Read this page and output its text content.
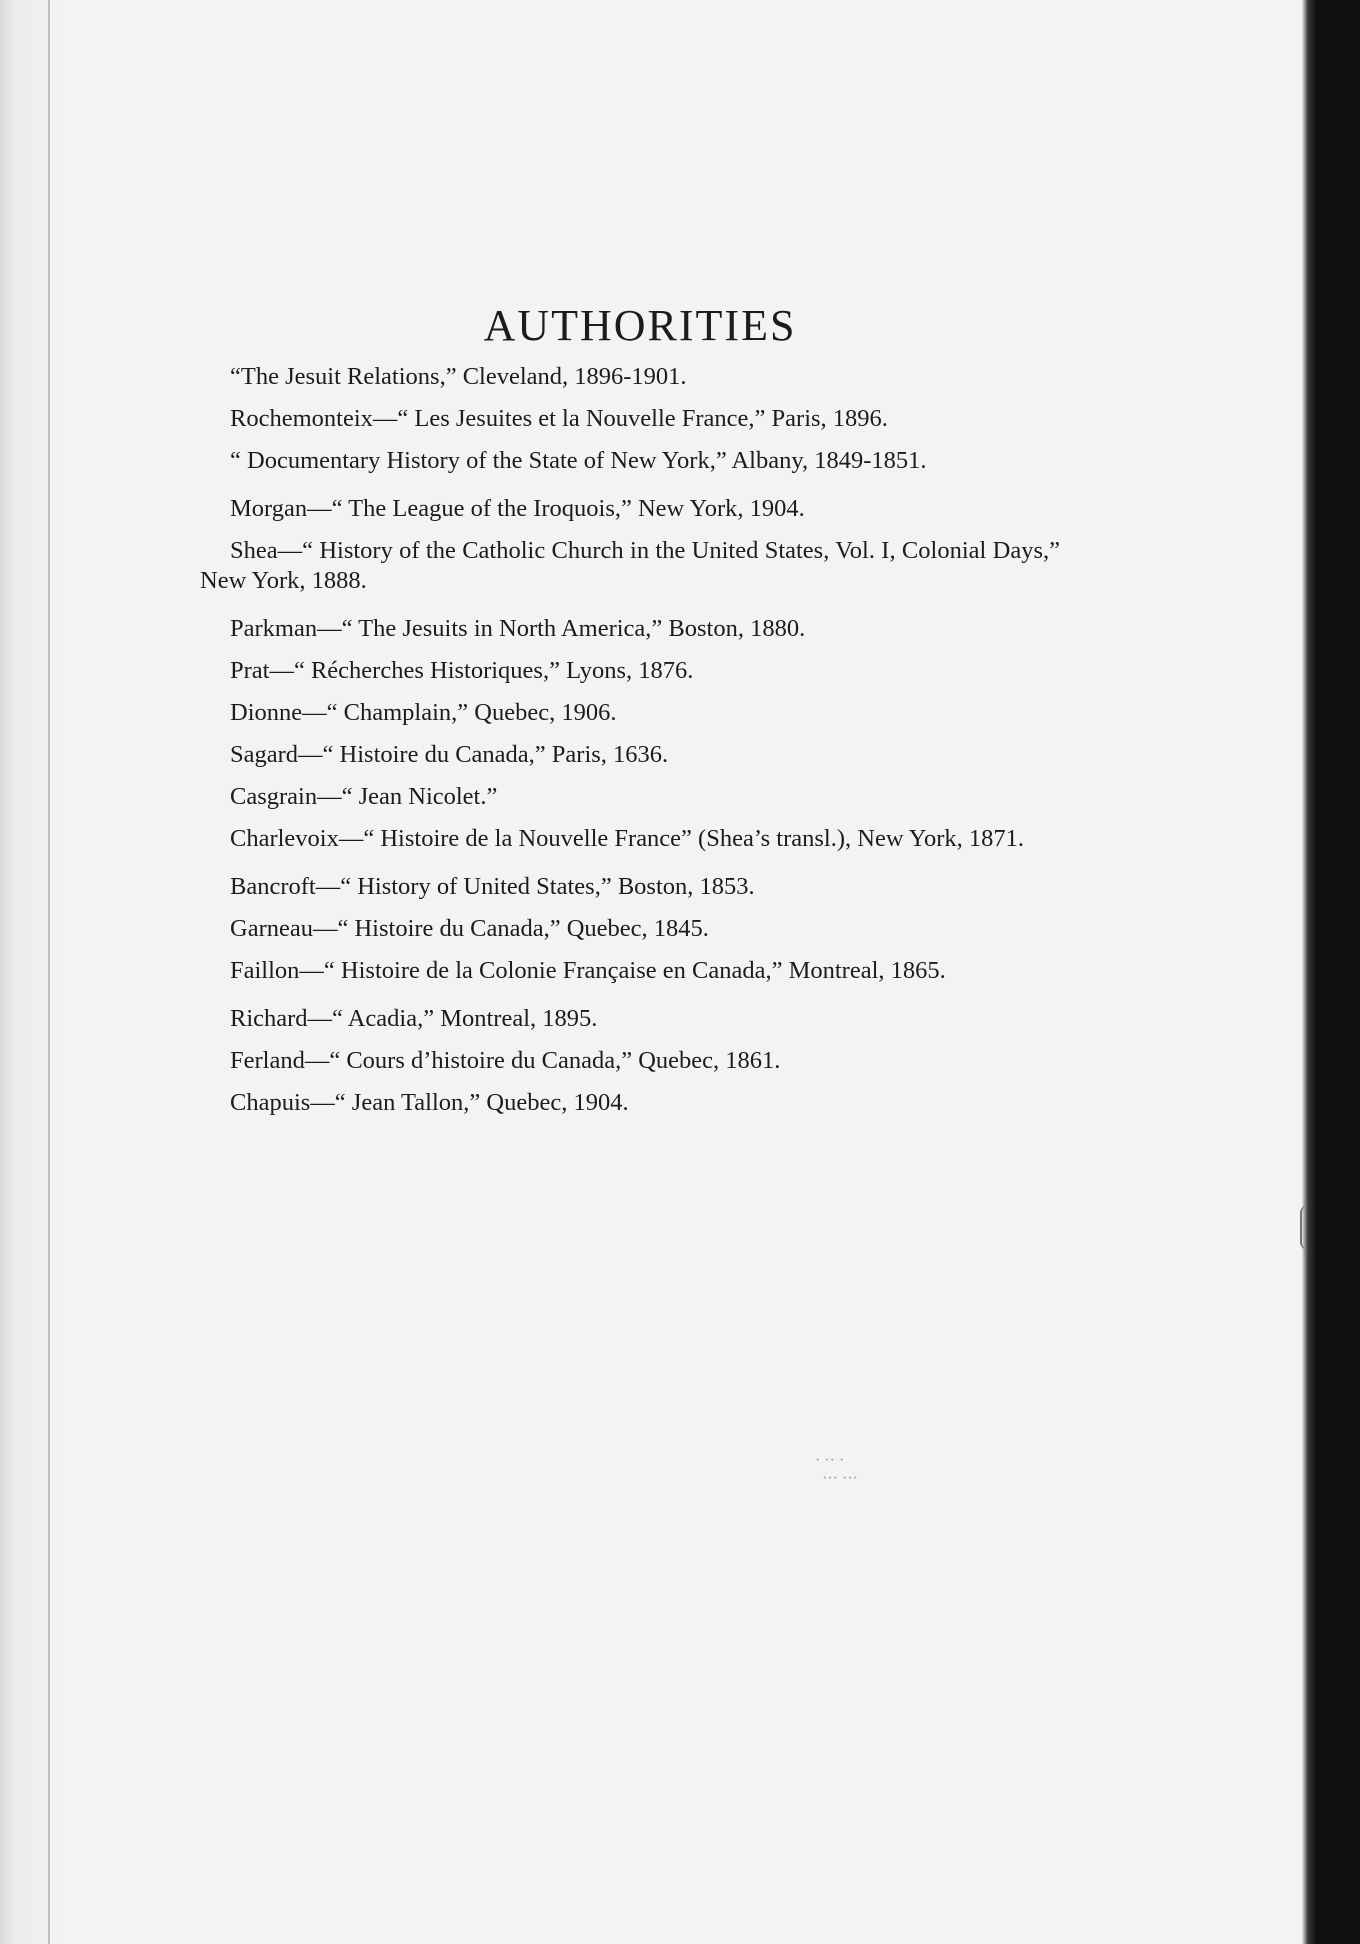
AUTHORITIES
“The Jesuit Relations,” Cleveland, 1896-1901.
Rochemonteix—“ Les Jesuites et la Nouvelle France,” Paris, 1896.
“ Documentary History of the State of New York,” Albany, 1849-1851.
Morgan—“ The League of the Iroquois,” New York, 1904.
Shea—“ History of the Catholic Church in the United States, Vol. I, Colonial Days,” New York, 1888.
Parkman—“ The Jesuits in North America,” Boston, 1880.
Prat—“ Récherches Historiques,” Lyons, 1876.
Dionne—“ Champlain,” Quebec, 1906.
Sagard—“ Histoire du Canada,” Paris, 1636.
Casgrain—“ Jean Nicolet.”
Charlevoix—“ Histoire de la Nouvelle France” (Shea’s transl.), New York, 1871.
Bancroft—“ History of United States,” Boston, 1853.
Garneau—“ Histoire du Canada,” Quebec, 1845.
Faillon—“ Histoire de la Colonie Française en Canada,” Montreal, 1865.
Richard—“ Acadia,” Montreal, 1895.
Ferland—“ Cours d’histoire du Canada,” Quebec, 1861.
Chapuis—“ Jean Tallon,” Quebec, 1904.
· ·· ·
··· ···
